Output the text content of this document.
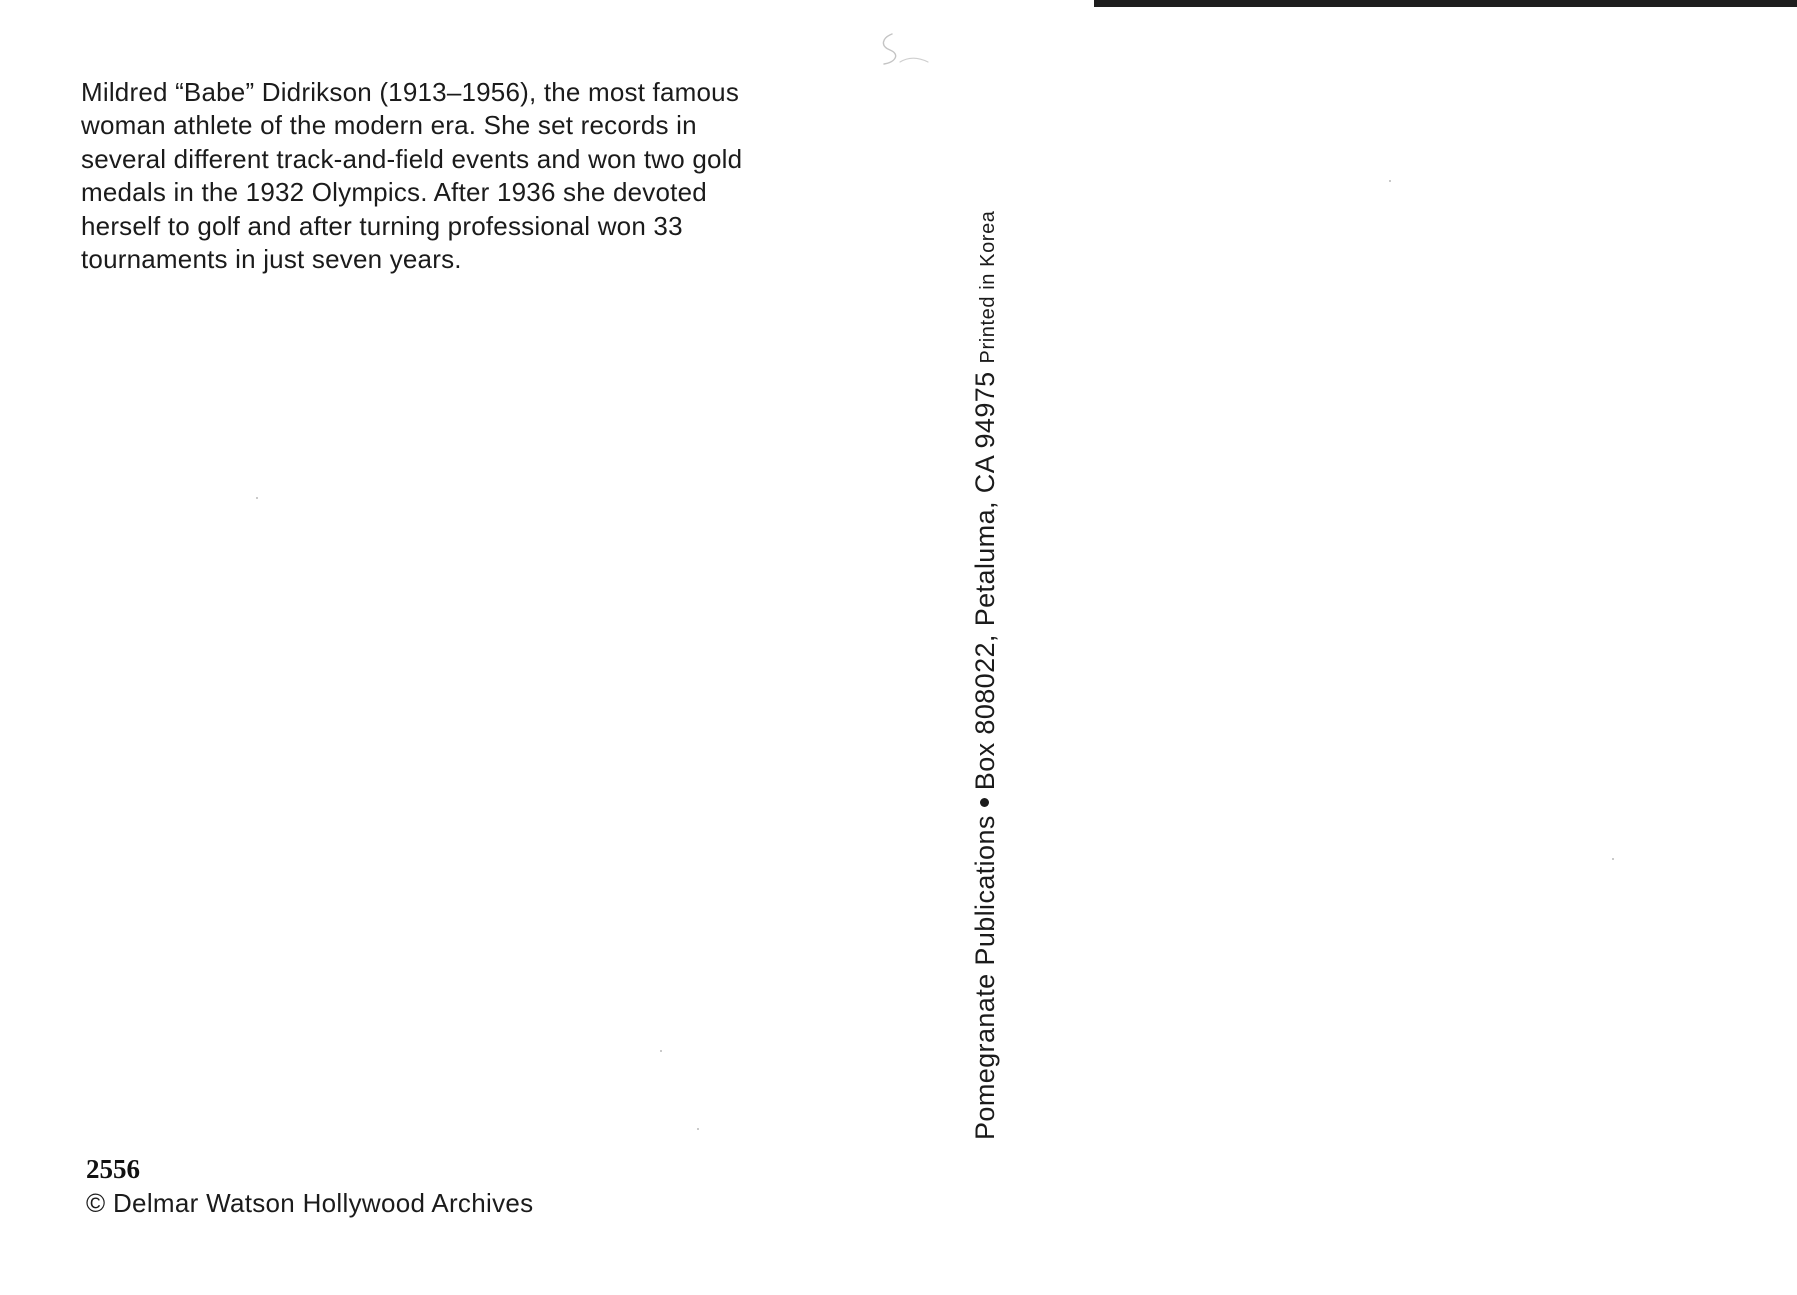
Mildred “Babe” Didrikson (1913–1956), the most famous
woman athlete of the modern era. She set records in
several different track-and-field events and won two gold
medals in the 1932 Olympics. After 1936 she devoted
herself to golf and after turning professional won 33
tournaments in just seven years.

Pomegranate PublicationsBox 808022, Petaluma, CA 94975 Printed in Korea

2556

© Delmar Watson Hollywood Archives
